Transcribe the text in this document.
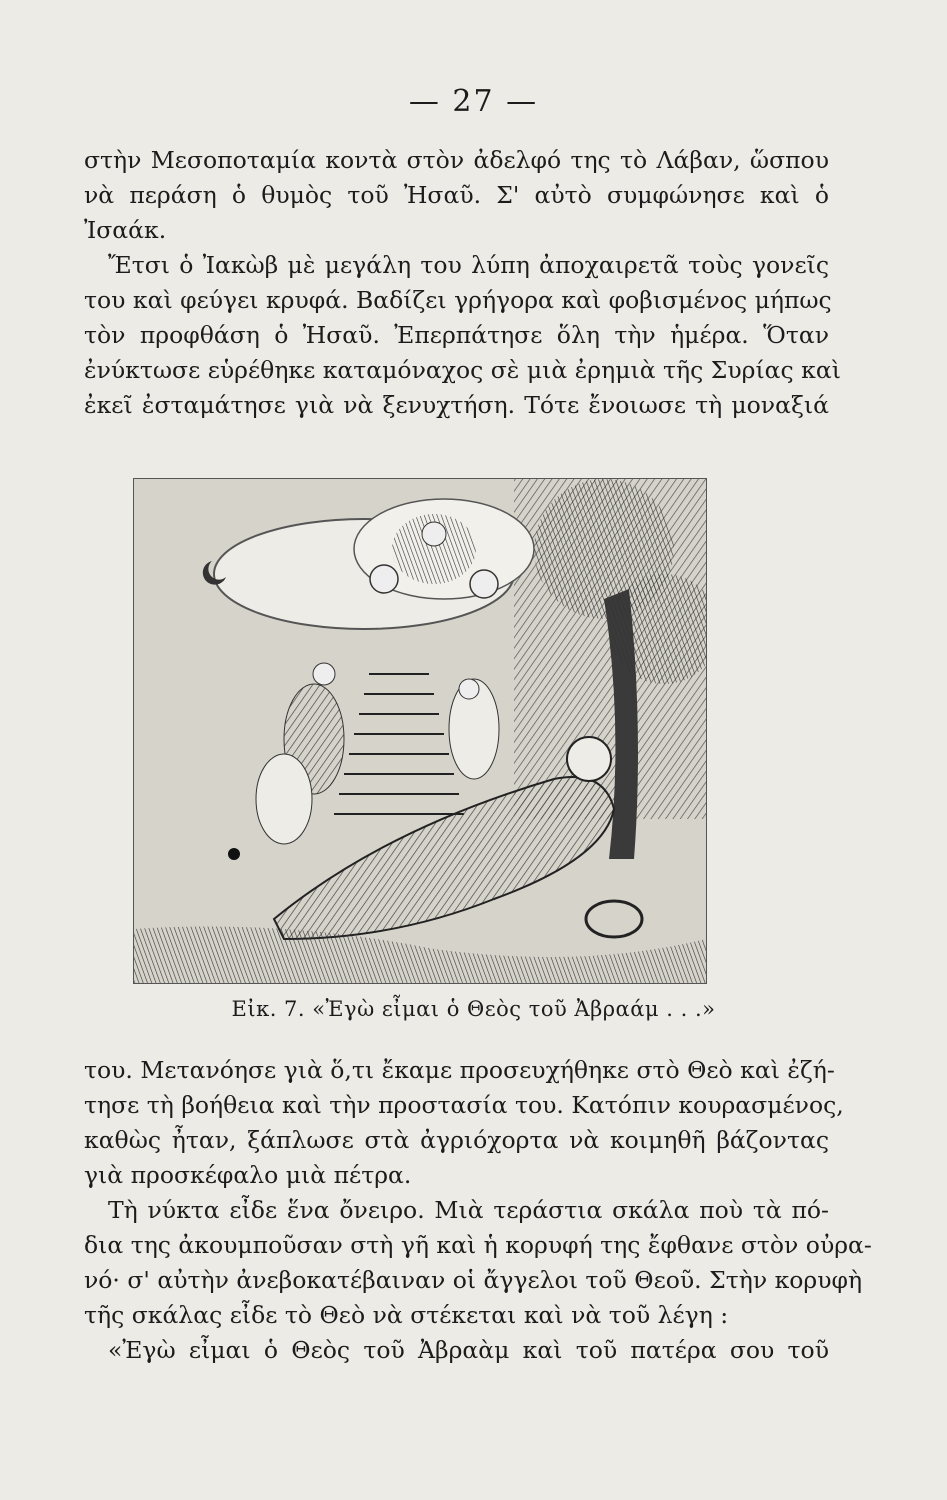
— 27 —

στὴν Μεσοποταμία κοντὰ στὸν ἀδελφό της τὸ Λάβαν, ὥσπου
νὰ περάση ὁ θυμὸς τοῦ Ἠσαῦ. Σ' αὐτὸ συμφώνησε καὶ ὁ
Ἰσαάκ.
Ἔτσι ὁ Ἰακὼβ μὲ μεγάλη του λύπη ἀποχαιρετᾶ τοὺς γονεῖς
του καὶ φεύγει κρυφά. Βαδίζει γρήγορα καὶ φοβισμένος μήπως
τὸν προφθάση ὁ Ἠσαῦ. Ἐπερπάτησε ὅλη τὴν ἡμέρα. Ὅταν
ἐνύκτωσε εὑρέθηκε καταμόναχος σὲ μιὰ ἐρημιὰ τῆς Συρίας καὶ
ἐκεῖ ἐσταμάτησε γιὰ νὰ ξενυχτήση. Τότε ἔνοιωσε τὴ μοναξιά

Εἰκ. 7. «Ἐγὼ εἶμαι ὁ Θεὸς τοῦ Ἀβραάμ . . .»

του. Μετανόησε γιὰ ὅ,τι ἔκαμε προσευχήθηκε στὸ Θεὸ καὶ ἐζή-
τησε τὴ βοήθεια καὶ τὴν προστασία του. Κατόπιν κουρασμένος,
καθὼς ἦταν, ξάπλωσε στὰ ἀγριόχορτα νὰ κοιμηθῆ βάζοντας
γιὰ προσκέφαλο μιὰ πέτρα.
Τὴ νύκτα εἶδε ἕνα ὄνειρο. Μιὰ τεράστια σκάλα ποὺ τὰ πό-
δια της ἀκουμποῦσαν στὴ γῆ καὶ ἡ κορυφή της ἔφθανε στὸν οὐρα-
νό· σ' αὐτὴν ἀνεβοκατέβαιναν οἱ ἄγγελοι τοῦ Θεοῦ. Στὴν κορυφὴ
τῆς σκάλας εἶδε τὸ Θεὸ νὰ στέκεται καὶ νὰ τοῦ λέγη :
«Ἐγὼ εἶμαι ὁ Θεὸς τοῦ Ἀβραὰμ καὶ τοῦ πατέρα σου τοῦ
